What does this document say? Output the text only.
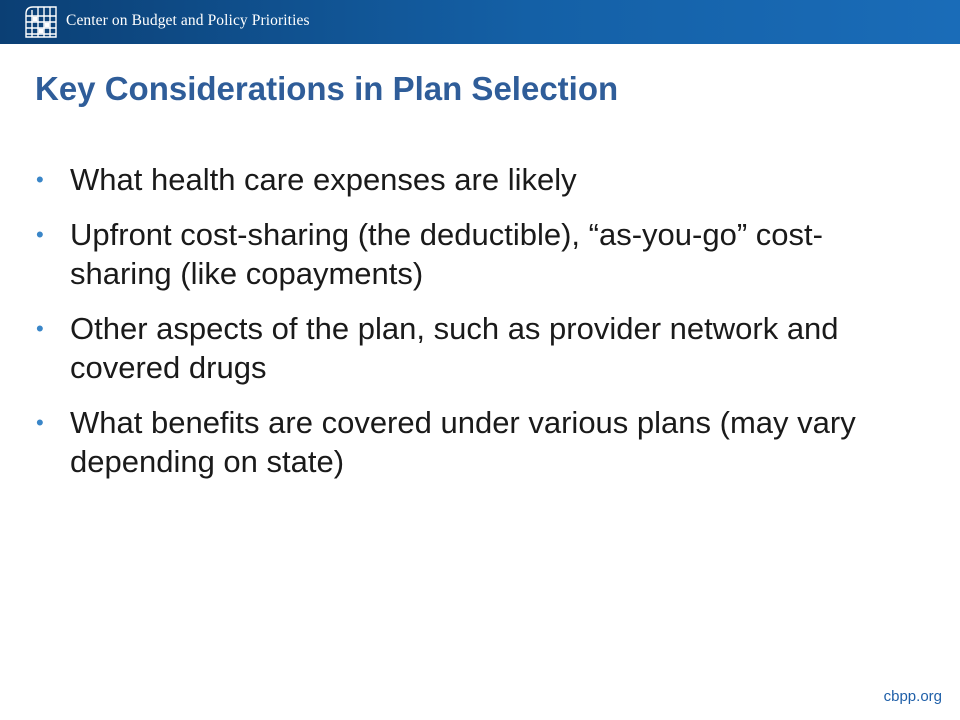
Center on Budget and Policy Priorities
Key Considerations in Plan Selection
• What health care expenses are likely
• Upfront cost-sharing (the deductible), “as-you-go” cost-sharing (like copayments)
• Other aspects of the plan, such as provider network and covered drugs
• What benefits are covered under various plans (may vary depending on state)
cbpp.org
